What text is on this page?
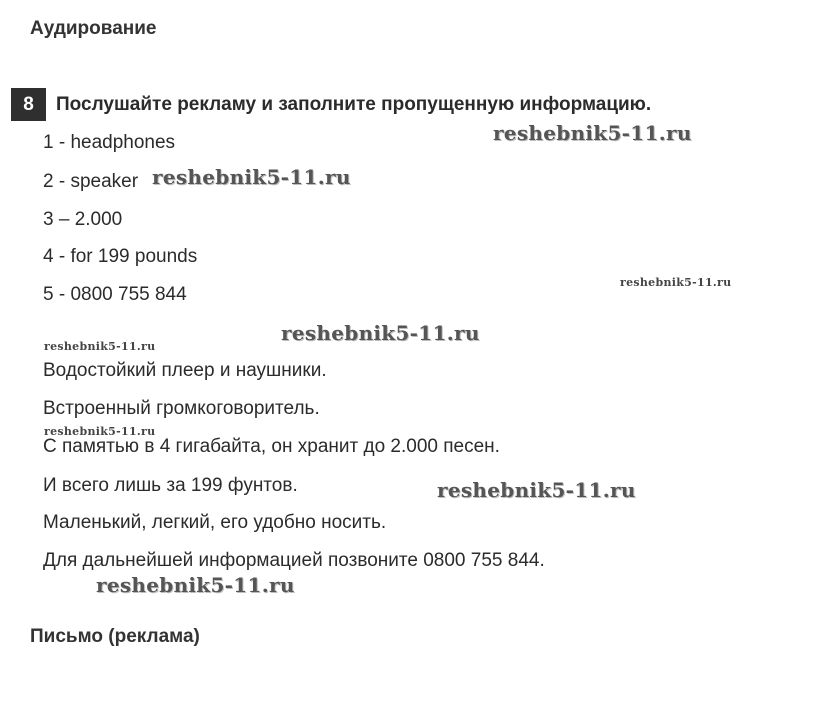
Аудирование
8	Послушайте рекламу и заполните пропущенную информацию.

1 - headphones

2 - speaker

3 – 2.000

4 - for 199 pounds

5 - 0800 755 844

Водостойкий плеер и наушники.

Встроенный громкоговоритель.

С памятью в 4 гигабайта, он хранит до 2.000 песен.

И всего лишь за 199 фунтов.

Маленький, легкий, его удобно носить.

Для дальнейшей информацией позвоните 0800 755 844.

Письмо (реклама)
reshebnik5-11.ru
reshebnik5-11.ru
reshebnik5-11.ru
reshebnik5-11.ru
reshebnik5-11.ru
reshebnik5-11.ru
reshebnik5-11.ru
reshebnik5-11.ru
